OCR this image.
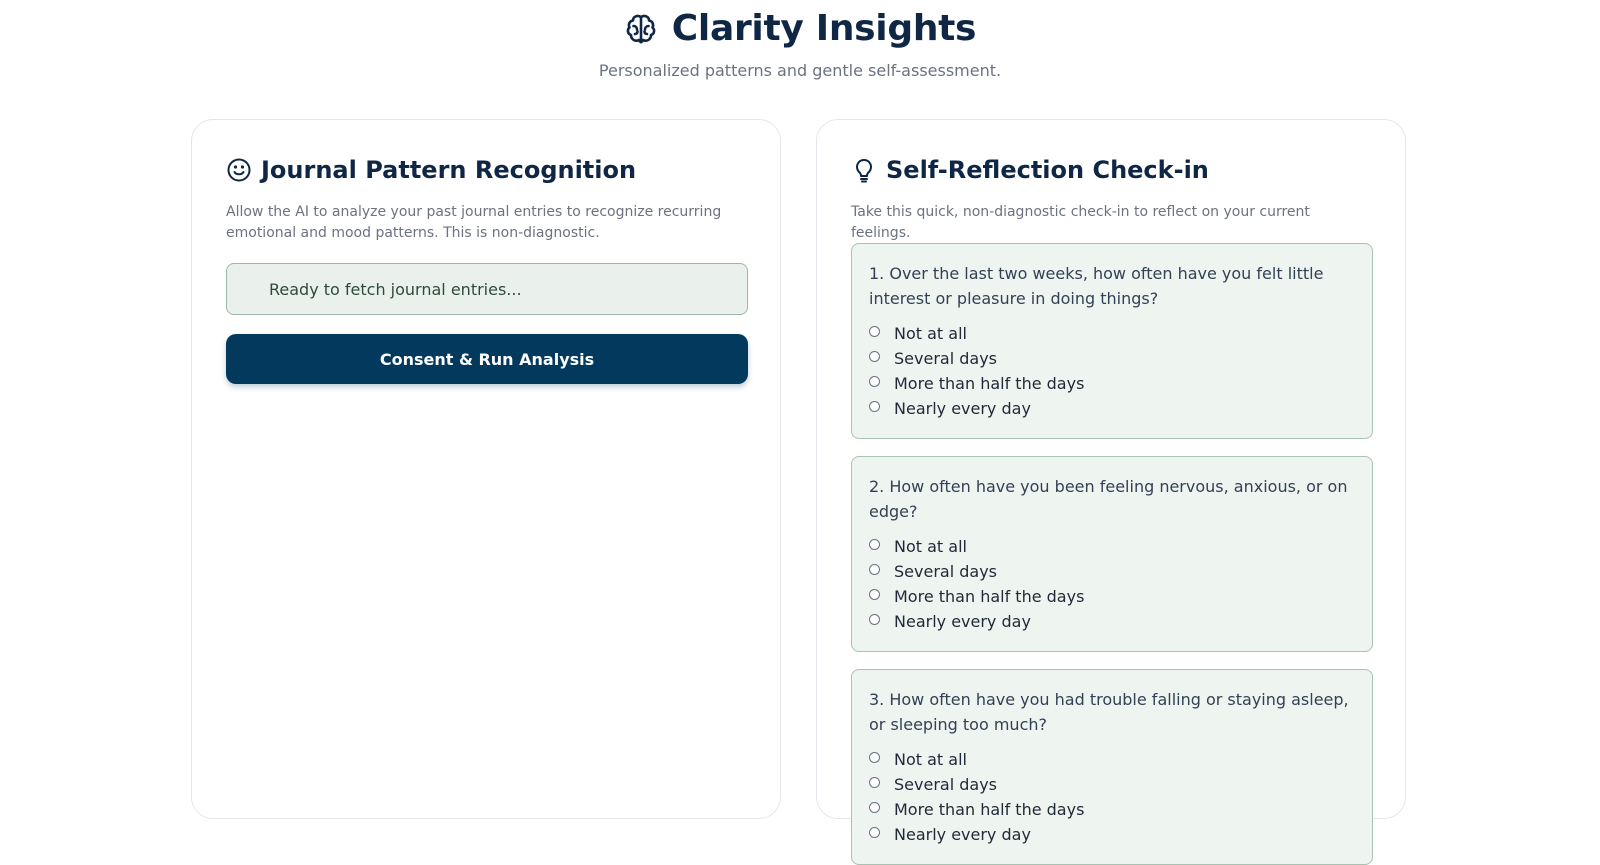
Clarity Insights
Personalized patterns and gentle self-assessment.
Journal Pattern Recognition
Allow the AI to analyze your past journal entries to recognize recurring emotional and mood patterns. This is non-diagnostic.
Ready to fetch journal entries...
Consent & Run Analysis
Self-Reflection Check-in
Take this quick, non-diagnostic check-in to reflect on your current feelings.
1. Over the last two weeks, how often have you felt little interest or pleasure in doing things?
Not at all
Several days
More than half the days
Nearly every day
2. How often have you been feeling nervous, anxious, or on edge?
Not at all
Several days
More than half the days
Nearly every day
3. How often have you had trouble falling or staying asleep, or sleeping too much?
Not at all
Several days
More than half the days
Nearly every day
